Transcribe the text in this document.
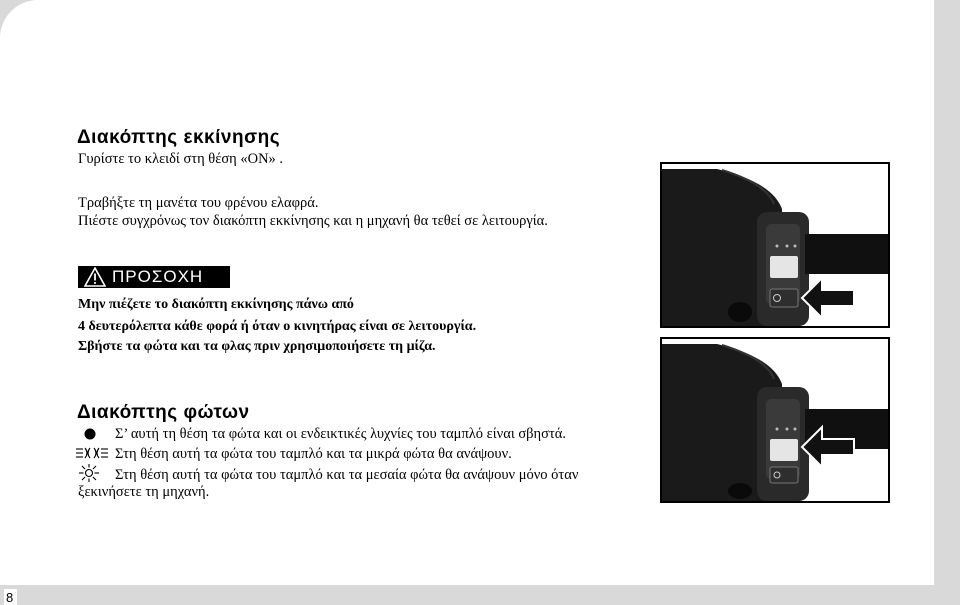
Διακόπτης εκκίνησης

Γυρίστε το κλειδί στη θέση «ON» .

Τραβήξτε τη μανέτα του φρένου ελαφρά.

Πιέστε συγχρόνως τον διακόπτη εκκίνησης και η μηχανή θα τεθεί σε λειτουργία.

ΠΡΟΣΟΧΗ

Μην πιέζετε το διακόπτη εκκίνησης πάνω από

4 δευτερόλεπτα κάθε φορά ή όταν ο κινητήρας είναι σε λειτουργία.

Σβήστε τα φώτα και τα φλας πριν χρησιμοποιήσετε τη μίζα.

Διακόπτης φώτων

Σ’ αυτή τη θέση τα φώτα και οι ενδεικτικές λυχνίες του ταμπλό είναι σβηστά.

Στη θέση αυτή τα φώτα του ταμπλό και τα μικρά φώτα θα ανάψουν.

Στη θέση αυτή τα φώτα του ταμπλό και τα μεσαία φώτα θα ανάψουν μόνο όταν

ξεκινήσετε τη μηχανή.

8
